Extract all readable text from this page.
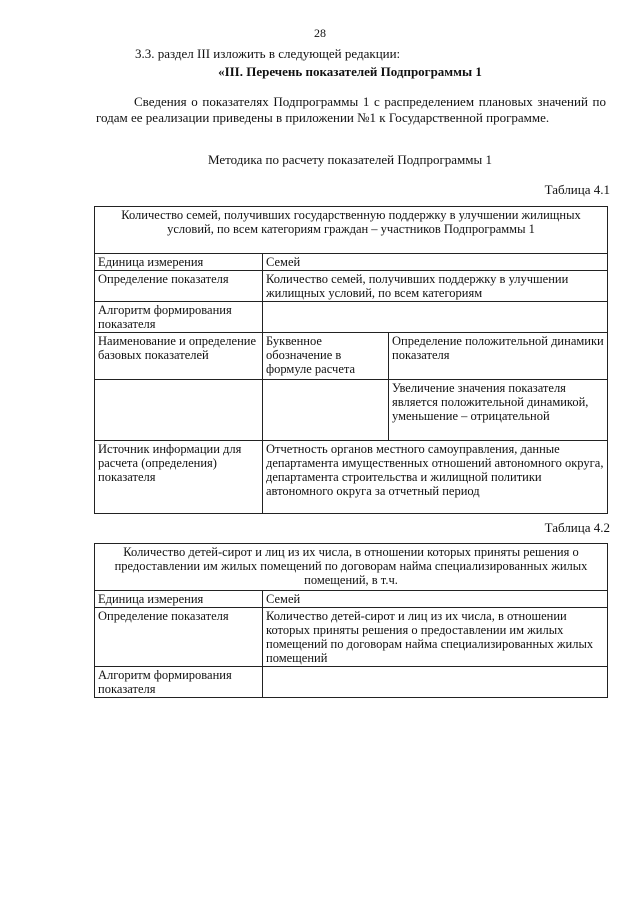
28
3.3. раздел III изложить в следующей редакции:
«III. Перечень показателей Подпрограммы 1
Сведения о показателях Подпрограммы 1 с распределением плановых значений по годам ее реализации приведены в приложении №1 к Государственной программе.
Методика по расчету показателей Подпрограммы 1
Таблица 4.1
Количество семей, получивших государственную поддержку в улучшении жилищных условий, по всем категориям граждан – участников Подпрограммы 1		
Единица измерения	Семей	
Определение показателя	Количество семей, получивших поддержку в улучшении жилищных условий, по всем категориям	
Алгоритм формирования показателя		
Наименование и определение базовых показателей	Буквенное обозначение в формуле расчета	Определение положительной динамики показателя
		Увеличение значения показателя является положительной динамикой, уменьшение – отрицательной
Источник информации для расчета (определения) показателя	Отчетность органов местного самоуправления, данные департамента имущественных отношений автономного округа, департамента строительства и жилищной политики автономного округа за отчетный период	
Таблица 4.2
Количество детей-сирот и лиц из их числа, в отношении которых приняты решения о предоставлении им жилых помещений по договорам найма специализированных жилых помещений, в т.ч.	
Единица измерения	Семей
Определение показателя	Количество детей-сирот и лиц из их числа, в отношении которых приняты решения о предоставлении им жилых помещений по договорам найма специализированных жилых помещений
Алгоритм формирования показателя	
